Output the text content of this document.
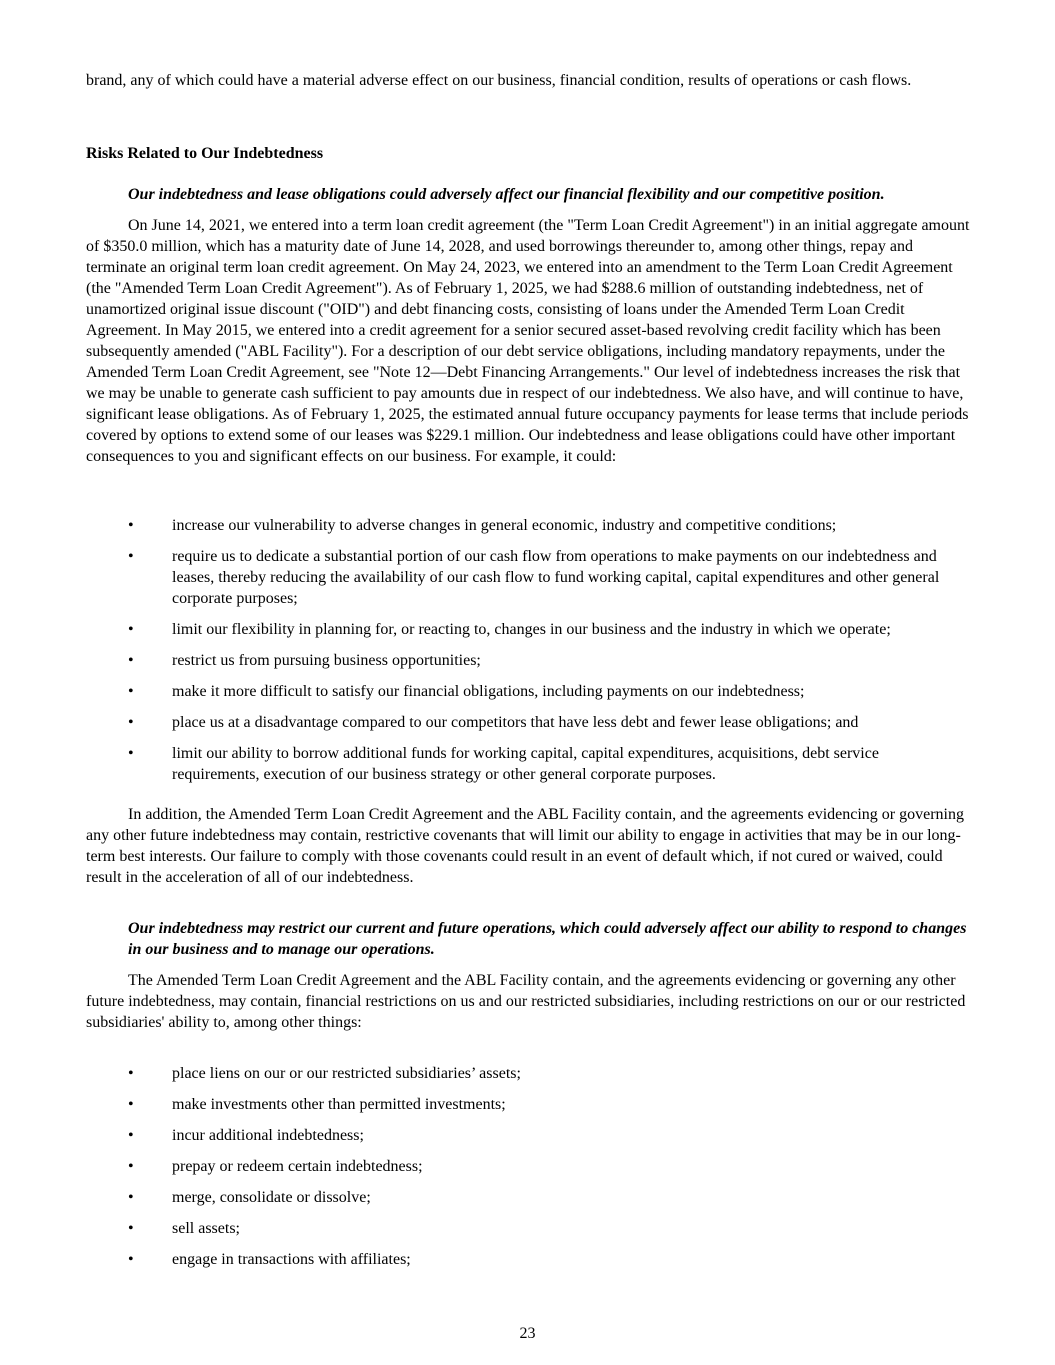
brand, any of which could have a material adverse effect on our business, financial condition, results of operations or cash flows.

Risks Related to Our Indebtedness

Our indebtedness and lease obligations could adversely affect our financial flexibility and our competitive position.

On June 14, 2021, we entered into a term loan credit agreement (the "Term Loan Credit Agreement") in an initial aggregate amount of $350.0 million, which has a maturity date of June 14, 2028, and used borrowings thereunder to, among other things, repay and terminate an original term loan credit agreement. On May 24, 2023, we entered into an amendment to the Term Loan Credit Agreement (the "Amended Term Loan Credit Agreement"). As of February 1, 2025, we had $288.6 million of outstanding indebtedness, net of unamortized original issue discount ("OID") and debt financing costs, consisting of loans under the Amended Term Loan Credit Agreement. In May 2015, we entered into a credit agreement for a senior secured asset-based revolving credit facility which has been subsequently amended ("ABL Facility"). For a description of our debt service obligations, including mandatory repayments, under the Amended Term Loan Credit Agreement, see "Note 12—Debt Financing Arrangements." Our level of indebtedness increases the risk that we may be unable to generate cash sufficient to pay amounts due in respect of our indebtedness. We also have, and will continue to have, significant lease obligations. As of February 1, 2025, the estimated annual future occupancy payments for lease terms that include periods covered by options to extend some of our leases was $229.1 million. Our indebtedness and lease obligations could have other important consequences to you and significant effects on our business. For example, it could:

• increase our vulnerability to adverse changes in general economic, industry and competitive conditions;
• require us to dedicate a substantial portion of our cash flow from operations to make payments on our indebtedness and leases, thereby reducing the availability of our cash flow to fund working capital, capital expenditures and other general corporate purposes;
• limit our flexibility in planning for, or reacting to, changes in our business and the industry in which we operate;
• restrict us from pursuing business opportunities;
• make it more difficult to satisfy our financial obligations, including payments on our indebtedness;
• place us at a disadvantage compared to our competitors that have less debt and fewer lease obligations; and
• limit our ability to borrow additional funds for working capital, capital expenditures, acquisitions, debt service requirements, execution of our business strategy or other general corporate purposes.

In addition, the Amended Term Loan Credit Agreement and the ABL Facility contain, and the agreements evidencing or governing any other future indebtedness may contain, restrictive covenants that will limit our ability to engage in activities that may be in our long-term best interests. Our failure to comply with those covenants could result in an event of default which, if not cured or waived, could result in the acceleration of all of our indebtedness.

Our indebtedness may restrict our current and future operations, which could adversely affect our ability to respond to changes in our business and to manage our operations.

The Amended Term Loan Credit Agreement and the ABL Facility contain, and the agreements evidencing or governing any other future indebtedness, may contain, financial restrictions on us and our restricted subsidiaries, including restrictions on our or our restricted subsidiaries' ability to, among other things:

• place liens on our or our restricted subsidiaries’ assets;
• make investments other than permitted investments;
• incur additional indebtedness;
• prepay or redeem certain indebtedness;
• merge, consolidate or dissolve;
• sell assets;
• engage in transactions with affiliates;
23
